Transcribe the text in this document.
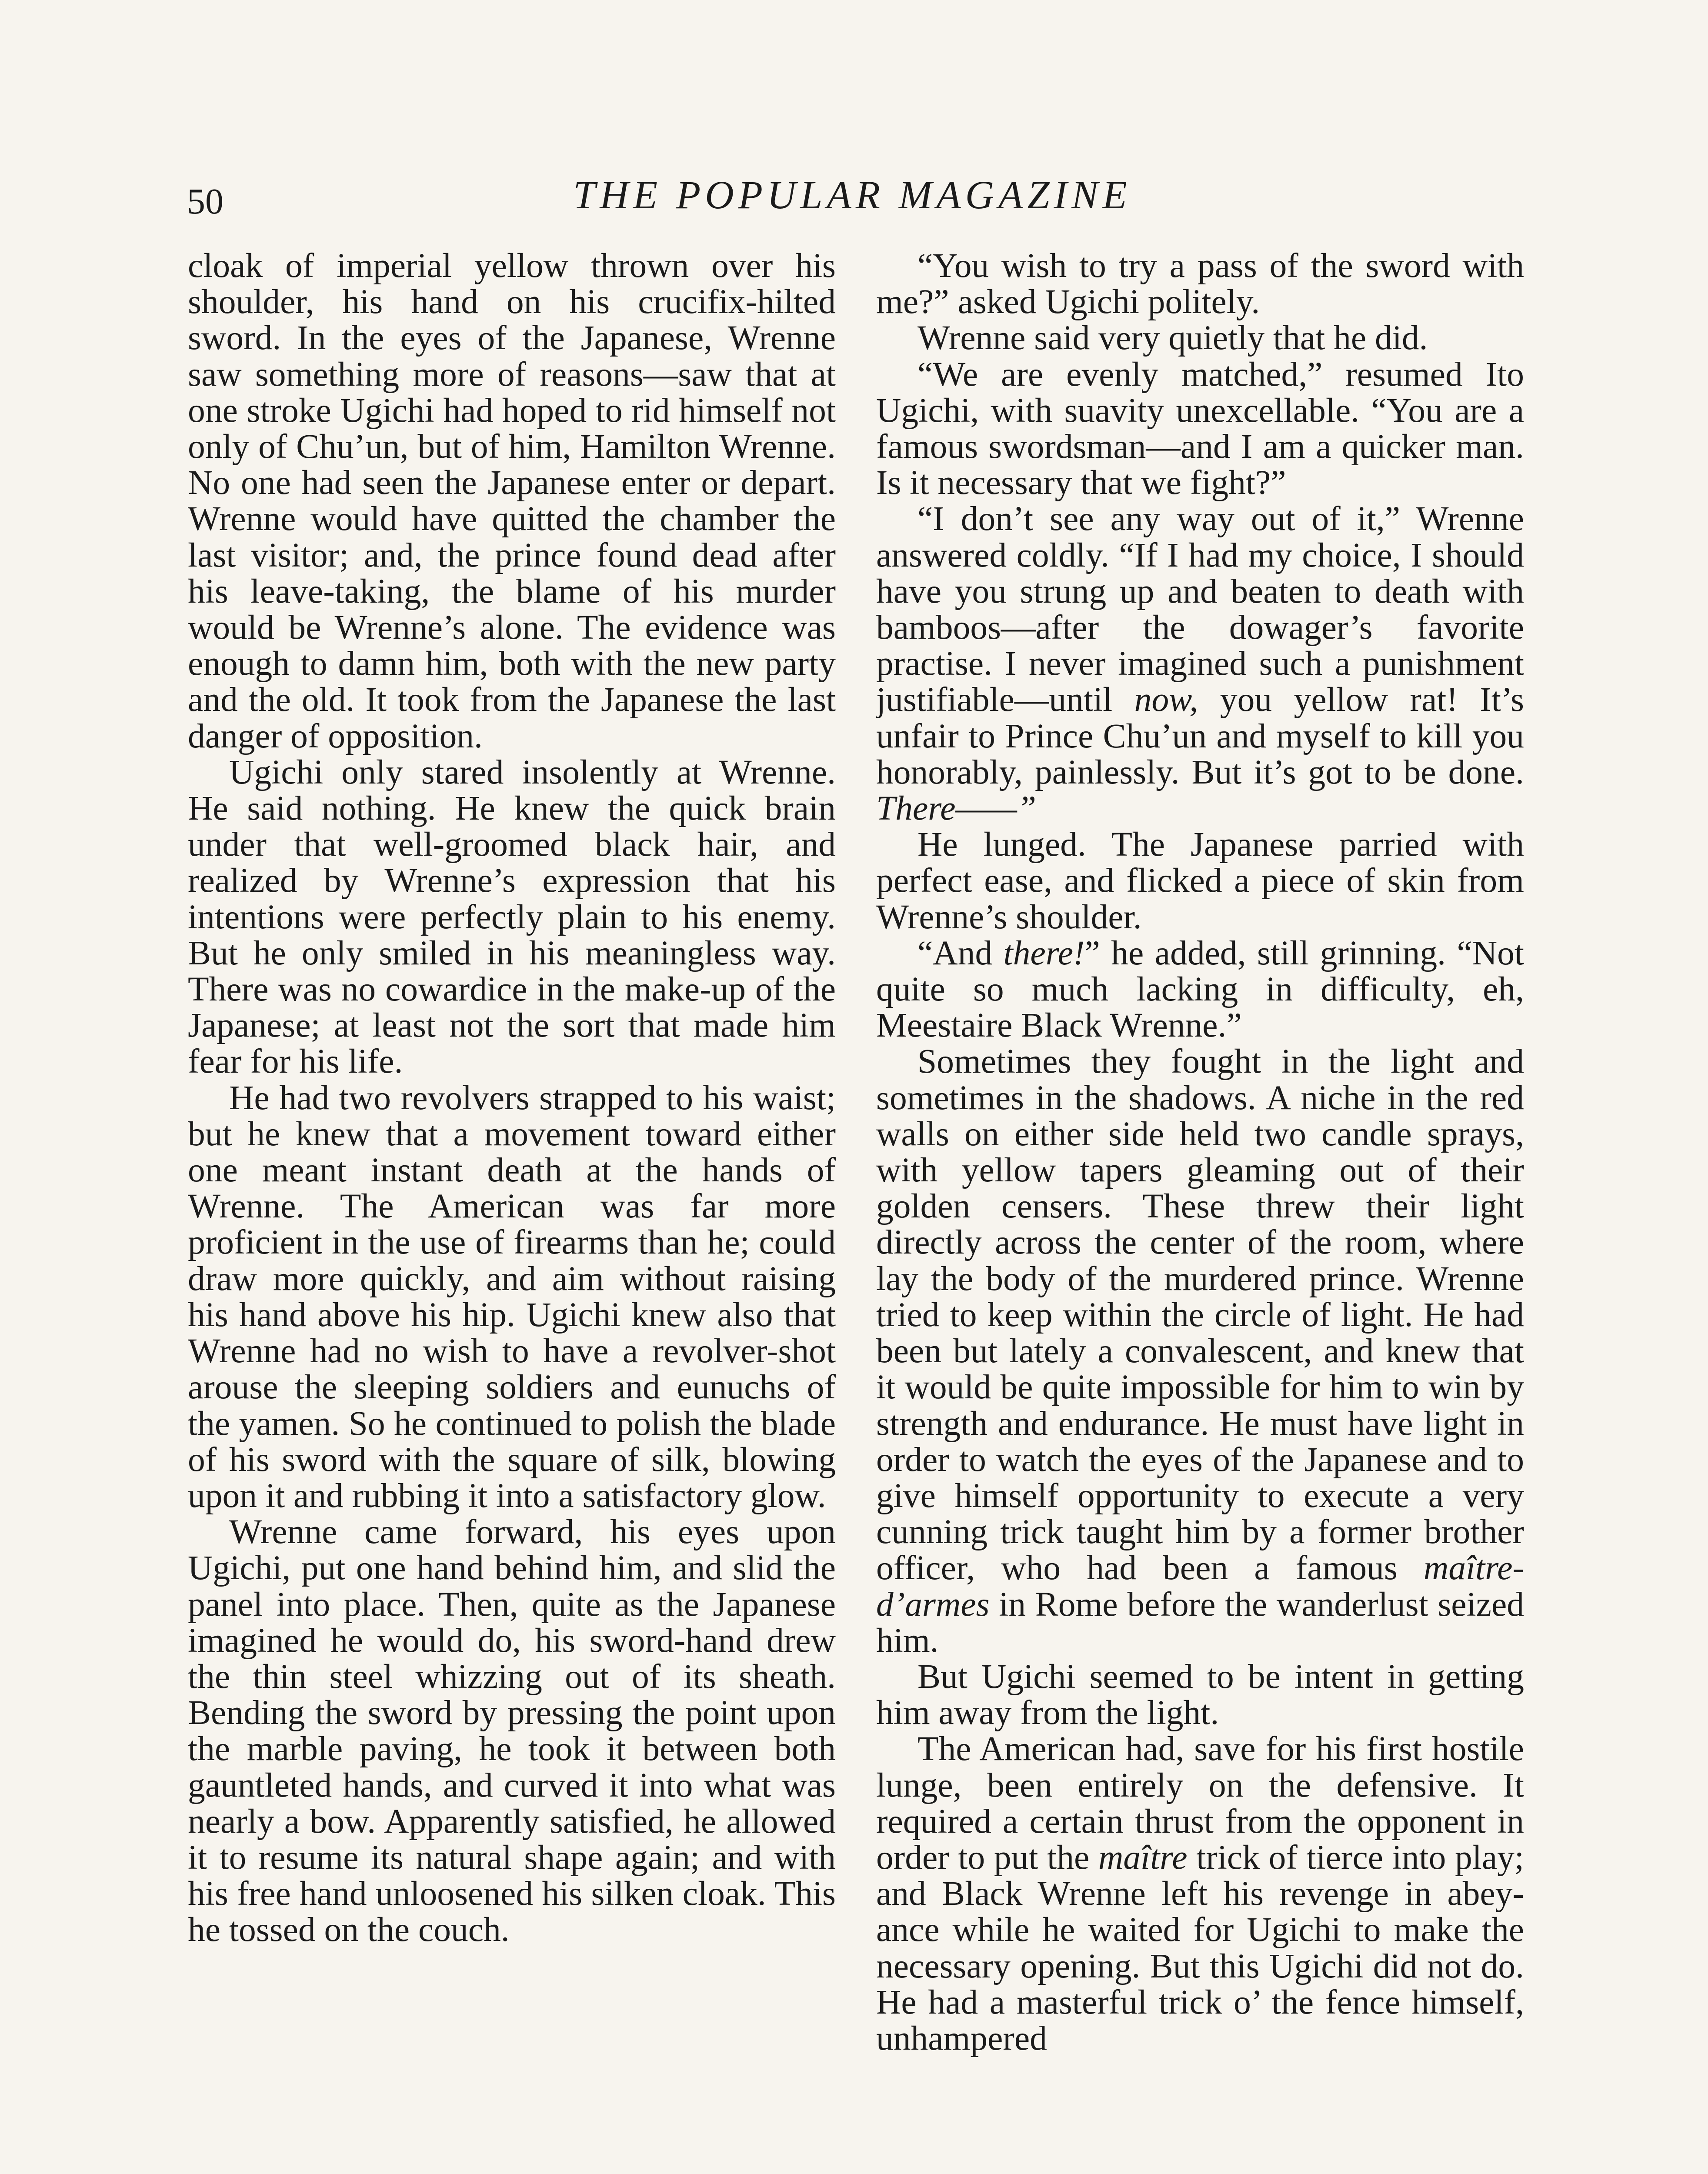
50	THE POPULAR MAGAZINE

cloak of imperial yellow thrown over his shoulder, his hand on his crucifix-hilted sword. In the eyes of the Japanese, Wrenne saw something more of reasons—saw that at one stroke Ugichi had hoped to rid himself not only of Chu’un, but of him, Hamilton Wrenne. No one had seen the Japanese enter or depart. Wrenne would have quitted the chamber the last visitor; and, the prince found dead after his leave-taking, the blame of his murder would be Wrenne’s alone. The evidence was enough to damn him, both with the new party and the old. It took from the Japanese the last danger of opposition.

Ugichi only stared insolently at Wrenne. He said nothing. He knew the quick brain under that well-groomed black hair, and realized by Wrenne’s expression that his intentions were perfectly plain to his enemy. But he only smiled in his meaningless way. There was no cowardice in the make-up of the Japanese; at least not the sort that made him fear for his life.

He had two revolvers strapped to his waist; but he knew that a movement toward either one meant instant death at the hands of Wrenne. The American was far more proficient in the use of firearms than he; could draw more quickly, and aim without raising his hand above his hip. Ugichi knew also that Wrenne had no wish to have a revolver-shot arouse the sleeping soldiers and eunuchs of the yamen. So he continued to polish the blade of his sword with the square of silk, blowing upon it and rubbing it into a satisfactory glow.

Wrenne came forward, his eyes upon Ugichi, put one hand behind him, and slid the panel into place. Then, quite as the Japanese imagined he would do, his sword-hand drew the thin steel whizzing out of its sheath. Bending the sword by pressing the point upon the marble paving, he took it between both gauntleted hands, and curved it into what was nearly a bow. Apparently satisfied, he allowed it to resume its natural shape again; and with his free hand unloosened his silken cloak. This he tossed on the couch.

“You wish to try a pass of the sword with me?” asked Ugichi politely.

Wrenne said very quietly that he did.

“We are evenly matched,” resumed Ito Ugichi, with suavity unexcellable. “You are a famous swordsman—and I am a quicker man. Is it necessary that we fight?”

“I don’t see any way out of it,” Wrenne answered coldly. “If I had my choice, I should have you strung up and beaten to death with bamboos—after the dowager’s favorite practise. I never imagined such a punishment justifiable—until now, you yellow rat! It’s unfair to Prince Chu’un and myself to kill you honorably, painlessly. But it’s got to be done. There——”

He lunged. The Japanese parried with perfect ease, and flicked a piece of skin from Wrenne’s shoulder.

“And there!” he added, still grinning. “Not quite so much lacking in difficulty, eh, Meestaire Black Wrenne.”

Sometimes they fought in the light and sometimes in the shadows. A niche in the red walls on either side held two candle sprays, with yellow tapers gleaming out of their golden censers. These threw their light directly across the center of the room, where lay the body of the murdered prince. Wrenne tried to keep within the circle of light. He had been but lately a convalescent, and knew that it would be quite impossible for him to win by strength and endurance. He must have light in order to watch the eyes of the Japanese and to give himself opportunity to execute a very cunning trick taught him by a former brother officer, who had been a famous maître-d’armes in Rome before the wanderlust seized him.

But Ugichi seemed to be intent in getting him away from the light.

The American had, save for his first hostile lunge, been entirely on the defensive. It required a certain thrust from the opponent in order to put the maître trick of tierce into play; and Black Wrenne left his revenge in abeyance while he waited for Ugichi to make the necessary opening. But this Ugichi did not do. He had a masterful trick o’ the fence himself, unhampered
